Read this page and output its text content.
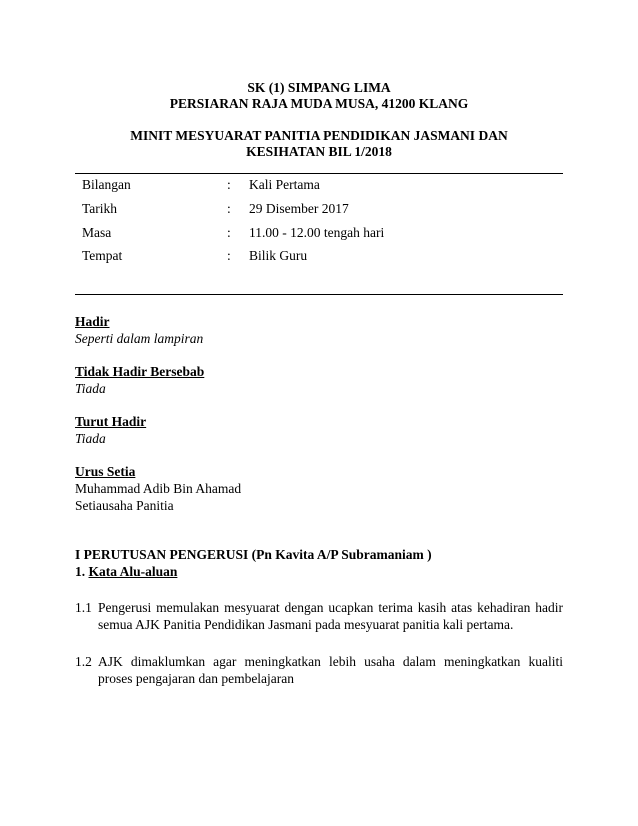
SK (1) SIMPANG LIMA
PERSIARAN RAJA MUDA MUSA, 41200 KLANG
MINIT MESYUARAT PANITIA PENDIDIKAN JASMANI DAN
KESIHATAN BIL 1/2018
Bilangan	: Kali Pertama
Tarikh	: 29 Disember 2017
Masa	: 11.00 - 12.00 tengah hari
Tempat	: Bilik Guru
Hadir
Seperti dalam lampiran
Tidak Hadir Bersebab
Tiada
Turut Hadir
Tiada
Urus Setia
Muhammad Adib Bin Ahamad
Setiausaha Panitia
I PERUTUSAN PENGERUSI (Pn Kavita A/P Subramaniam )
1. Kata Alu-aluan
1.1 Pengerusi memulakan mesyuarat dengan ucapkan terima kasih atas kehadiran hadir semua AJK Panitia Pendidikan Jasmani pada mesyuarat panitia kali pertama.
1.2 AJK dimaklumkan agar meningkatkan lebih usaha dalam meningkatkan kualiti proses pengajaran dan pembelajaran
